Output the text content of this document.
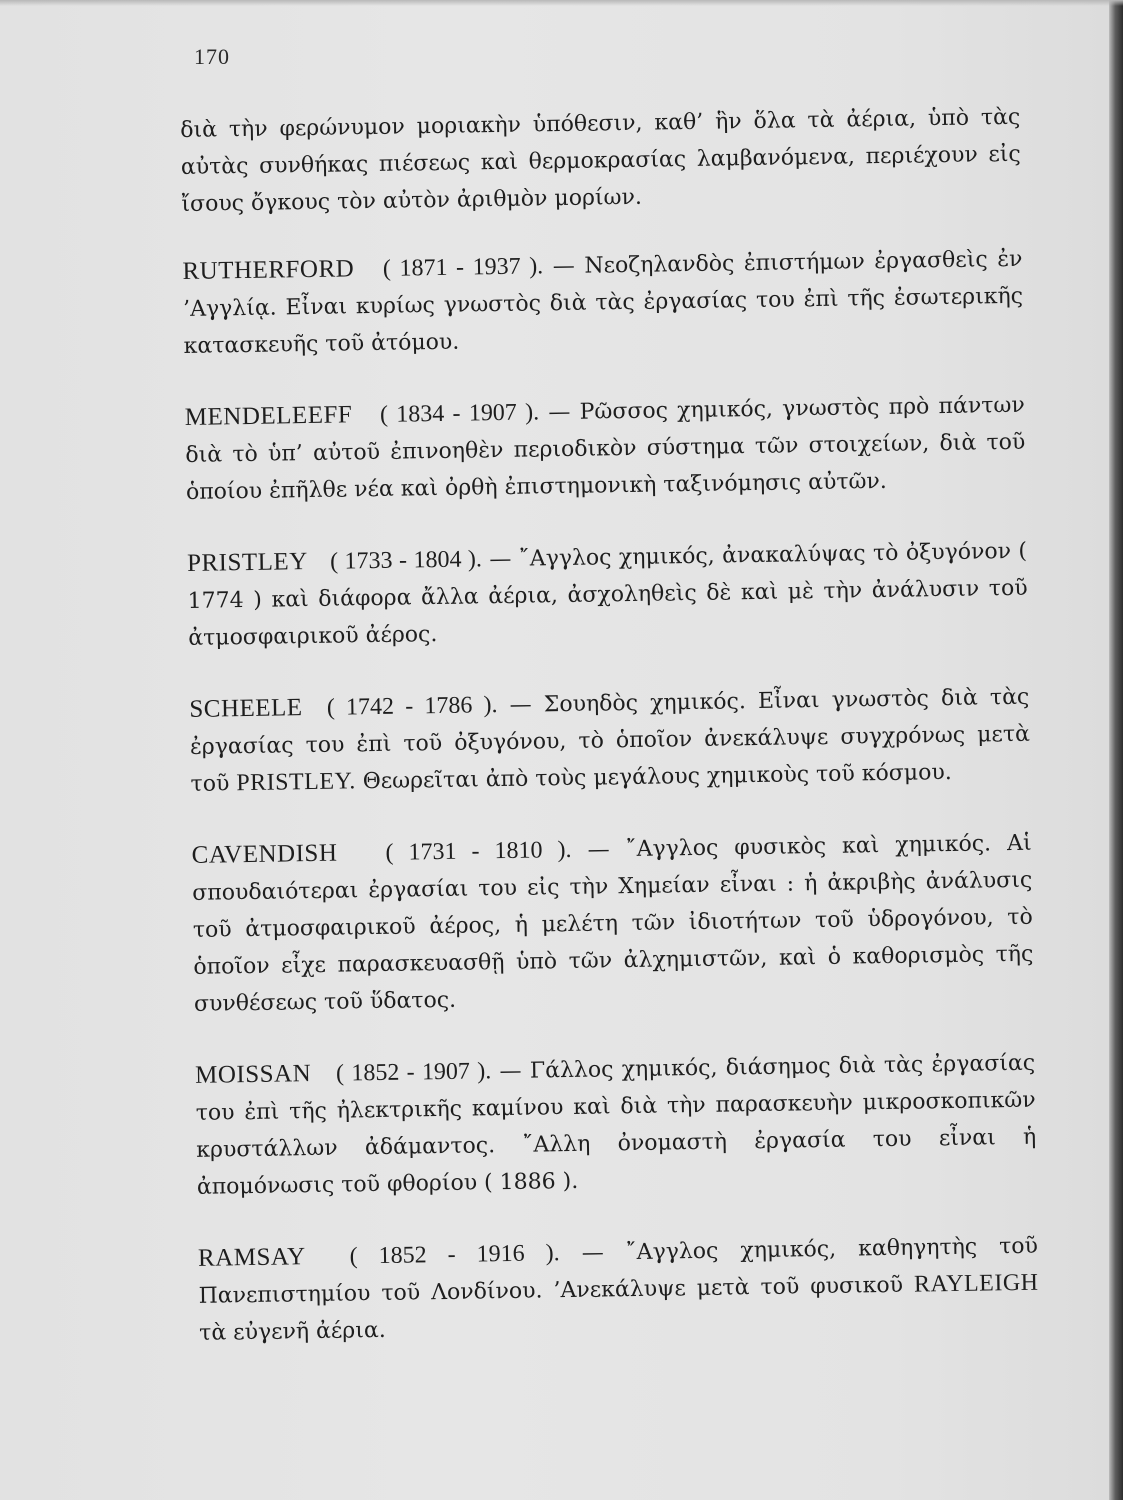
170

διὰ τὴν φερώνυμον μοριακὴν ὑπόθεσιν, καθ’ ἣν ὅλα τὰ ἀέρια, ὑπὸ τὰς αὐτὰς συνθήκας πιέσεως καὶ θερμοκρασίας λαμβανόμενα, περιέχουν εἰς ἴσους ὄγκους τὸν αὐτὸν ἀριθμὸν μορίων.

RUTHERFORD ( 1871 - 1937 ). — Νεοζηλανδὸς ἐπιστήμων ἐργασθεὶς ἐν ’Αγγλίᾳ. Εἶναι κυρίως γνωστὸς διὰ τὰς ἐργασίας του ἐπὶ τῆς ἐσωτερικῆς κατασκευῆς τοῦ ἀτόμου.

MENDELEEFF ( 1834 - 1907 ). — Ρῶσσος χημικός, γνωστὸς πρὸ πάντων διὰ τὸ ὑπ’ αὐτοῦ ἐπινοηθὲν περιοδικὸν σύστημα τῶν στοιχείων, διὰ τοῦ ὁποίου ἐπῆλθε νέα καὶ ὀρθὴ ἐπιστημονικὴ ταξινόμησις αὐτῶν.

PRISTLEY ( 1733 - 1804 ). — ῎Αγγλος χημικός, ἀνακαλύψας τὸ ὀξυγόνον ( 1774 ) καὶ διάφορα ἄλλα ἀέρια, ἀσχοληθεὶς δὲ καὶ μὲ τὴν ἀνάλυσιν τοῦ ἀτμοσφαιρικοῦ ἀέρος.

SCHEELE ( 1742 - 1786 ). — Σουηδὸς χημικός. Εἶναι γνωστὸς διὰ τὰς ἐργασίας του ἐπὶ τοῦ ὀξυγόνου, τὸ ὁποῖον ἀνεκάλυψε συγχρόνως μετὰ τοῦ PRISTLEY. Θεωρεῖται ἀπὸ τοὺς μεγάλους χημικοὺς τοῦ κόσμου.

CAVENDISH ( 1731 - 1810 ). — ῎Αγγλος φυσικὸς καὶ χημικός. Αἱ σπουδαιότεραι ἐργασίαι του εἰς τὴν Χημείαν εἶναι : ἡ ἀκριβὴς ἀνάλυσις τοῦ ἀτμοσφαιρικοῦ ἀέρος, ἡ μελέτη τῶν ἰδιοτήτων τοῦ ὑδρογόνου, τὸ ὁποῖον εἶχε παρασκευασθῇ ὑπὸ τῶν ἀλχημιστῶν, καὶ ὁ καθορισμὸς τῆς συνθέσεως τοῦ ὕδατος.

MOISSAN ( 1852 - 1907 ). — Γάλλος χημικός, διάσημος διὰ τὰς ἐργασίας του ἐπὶ τῆς ἠλεκτρικῆς καμίνου καὶ διὰ τὴν παρασκευὴν μικροσκοπικῶν κρυστάλλων ἀδάμαντος. ῎Αλλη ὀνομαστὴ ἐργασία του εἶναι ἡ ἀπομόνωσις τοῦ φθορίου ( 1886 ).

RAMSAY ( 1852 - 1916 ). — ῎Αγγλος χημικός, καθηγητὴς τοῦ Πανεπιστημίου τοῦ Λονδίνου. ’Ανεκάλυψε μετὰ τοῦ φυσικοῦ RAYLEIGH τὰ εὐγενῆ ἀέρια.
